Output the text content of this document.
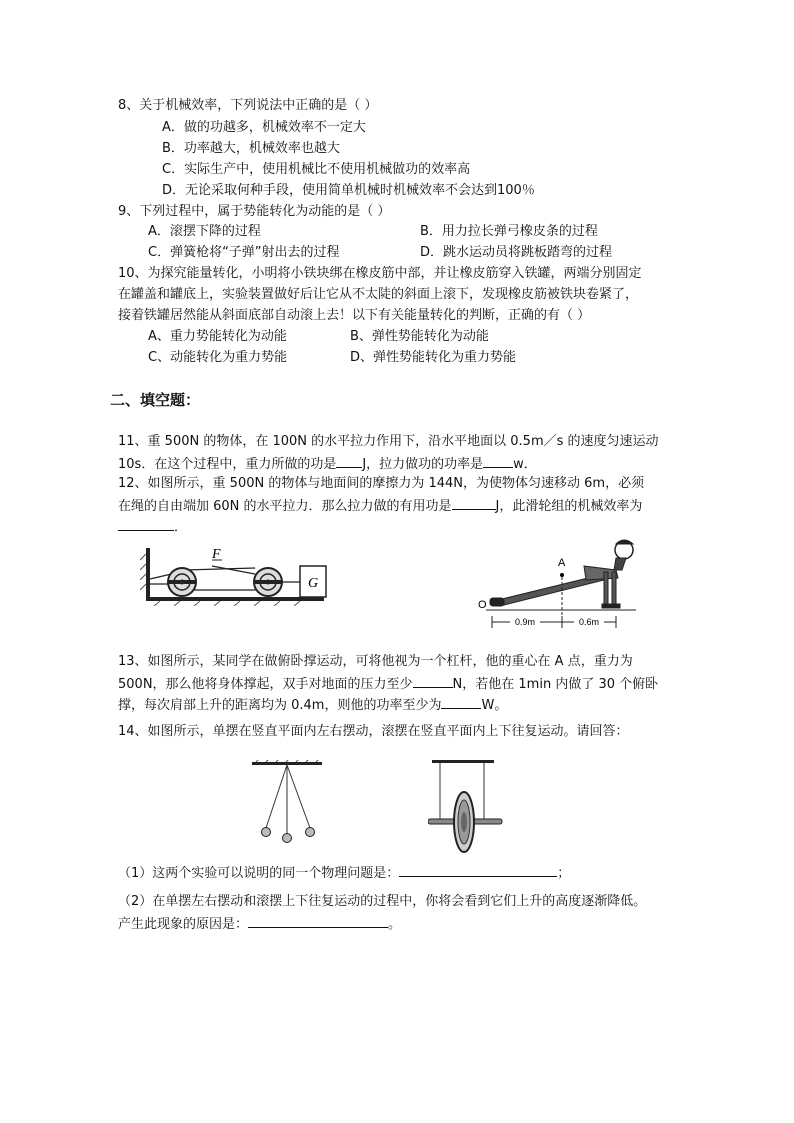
8、关于机械效率，下列说法中正确的是（ ）
A．做的功越多，机械效率不一定大
B．功率越大，机械效率也越大
C．实际生产中，使用机械比不使用机械做功的效率高
D．无论采取何种手段，使用简单机械时机械效率不会达到100％
9、下列过程中，属于势能转化为动能的是（ ）
A．滚摆下降的过程	B．用力拉长弹弓橡皮条的过程
C．弹簧枪将“子弹”射出去的过程	D．跳水运动员将跳板踏弯的过程
10、为探究能量转化，小明将小铁块绑在橡皮筋中部，并让橡皮筋穿入铁罐，两端分别固定
在罐盖和罐底上，实验装置做好后让它从不太陡的斜面上滚下，发现橡皮筋被铁块卷紧了，
接着铁罐居然能从斜面底部自动滚上去！以下有关能量转化的判断，正确的有（ ）
A、重力势能转化为动能	B、弹性势能转化为动能
C、动能转化为重力势能	D、弹性势能转化为重力势能
二、填空题：
11、重 500N 的物体，在 100N 的水平拉力作用下，沿水平地面以 0.5m／s 的速度匀速运动
10s．在这个过程中，重力所做的功是 J，拉力做功的功率是 w．
12、如图所示，重 500N 的物体与地面间的摩擦力为 144N，为使物体匀速移动 6m，必须
在绳的自由端加 60N 的水平拉力．那么拉力做的有用功是	J，此滑轮组的机械效率为
．
G
F
A
O
0.9m	0.6m
13、如图所示，某同学在做俯卧撑运动，可将他视为一个杠杆，他的重心在 A 点，重力为
500N，那么他将身体撑起，双手对地面的压力至少	N，若他在 1min 内做了 30 个俯卧
撑，每次肩部上升的距离均为 0.4m，则他的功率至少为	W。
14、如图所示，单摆在竖直平面内左右摆动，滚摆在竖直平面内上下往复运动。请回答：
（1）这两个实验可以说明的同一个物理问题是：	；
（2）在单摆左右摆动和滚摆上下往复运动的过程中，你将会看到它们上升的高度逐渐降低。
产生此现象的原因是：	。
